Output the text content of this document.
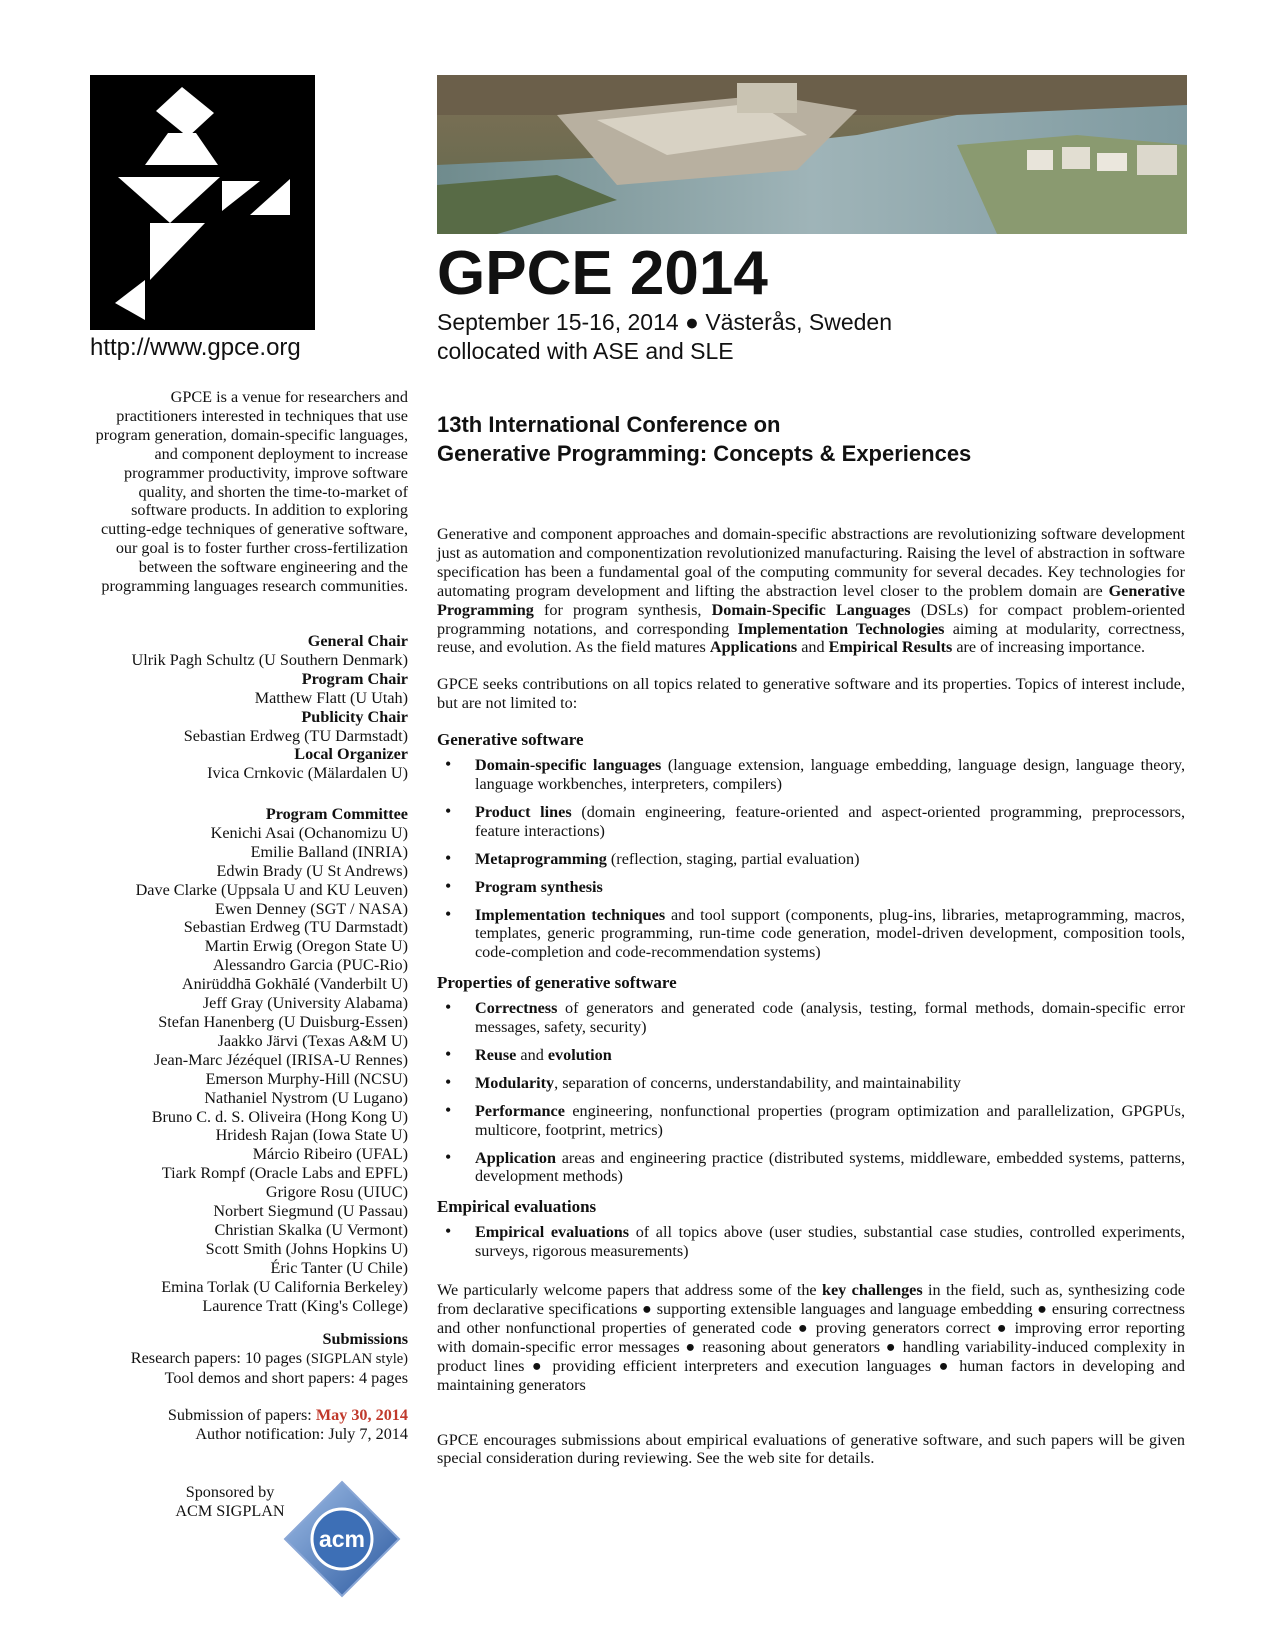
http://www.gpce.org
GPCE is a venue for researchers and practitioners interested in techniques that use program generation, domain-specific languages, and component deployment to increase programmer productivity, improve software quality, and shorten the time-to-market of software products. In addition to exploring cutting-edge techniques of generative software, our goal is to foster further cross-fertilization between the software engineering and the programming languages research communities.
General Chair
Ulrik Pagh Schultz (U Southern Denmark)
Program Chair
Matthew Flatt (U Utah)
Publicity Chair
Sebastian Erdweg (TU Darmstadt)
Local Organizer
Ivica Crnkovic (Mälardalen U)
Program Committee
Kenichi Asai (Ochanomizu U)
Emilie Balland (INRIA)
Edwin Brady (U St Andrews)
Dave Clarke (Uppsala U and KU Leuven)
Ewen Denney (SGT / NASA)
Sebastian Erdweg (TU Darmstadt)
Martin Erwig (Oregon State U)
Alessandro Garcia (PUC-Rio)
Anirüddhā Gokhālé (Vanderbilt U)
Jeff Gray (University Alabama)
Stefan Hanenberg (U Duisburg-Essen)
Jaakko Järvi (Texas A&M U)
Jean-Marc Jézéquel (IRISA-U Rennes)
Emerson Murphy-Hill (NCSU)
Nathaniel Nystrom (U Lugano)
Bruno C. d. S. Oliveira (Hong Kong U)
Hridesh Rajan (Iowa State U)
Márcio Ribeiro (UFAL)
Tiark Rompf (Oracle Labs and EPFL)
Grigore Rosu (UIUC)
Norbert Siegmund (U Passau)
Christian Skalka (U Vermont)
Scott Smith (Johns Hopkins U)
Éric Tanter (U Chile)
Emina Torlak (U California Berkeley)
Laurence Tratt (King's College)
Submissions
Research papers: 10 pages (SIGPLAN style)
Tool demos and short papers: 4 pages
Submission of papers: May 30, 2014
Author notification: July 7, 2014
Sponsored by
ACM SIGPLAN
acm
GPCE 2014
September 15-16, 2014 ● Västerås, Sweden
collocated with ASE and SLE
13th International Conference on
Generative Programming: Concepts & Experiences

Generative and component approaches and domain-specific abstractions are revolutionizing software development just as automation and componentization revolutionized manufacturing. Raising the level of abstraction in software specification has been a fundamental goal of the computing community for several decades. Key technologies for automating program development and lifting the abstraction level closer to the problem domain are Generative Programming for program synthesis, Domain-Specific Languages (DSLs) for compact problem-oriented programming notations, and corresponding Implementation Technologies aiming at modularity, correctness, reuse, and evolution. As the field matures Applications and Empirical Results are of increasing importance.

GPCE seeks contributions on all topics related to generative software and its properties. Topics of interest include, but are not limited to:

Generative software
• Domain-specific languages (language extension, language embedding, language design, language theory, language workbenches, interpreters, compilers)
• Product lines (domain engineering, feature-oriented and aspect-oriented programming, preprocessors, feature interactions)
• Metaprogramming (reflection, staging, partial evaluation)
• Program synthesis
• Implementation techniques and tool support (components, plug-ins, libraries, metaprogramming, macros, templates, generic programming, run-time code generation, model-driven development, composition tools, code-completion and code-recommendation systems)
Properties of generative software
• Correctness of generators and generated code (analysis, testing, formal methods, domain-specific error messages, safety, security)
• Reuse and evolution
• Modularity, separation of concerns, understandability, and maintainability
• Performance engineering, nonfunctional properties (program optimization and parallelization, GPGPUs, multicore, footprint, metrics)
• Application areas and engineering practice (distributed systems, middleware, embedded systems, patterns, development methods)
Empirical evaluations
• Empirical evaluations of all topics above (user studies, substantial case studies, controlled experiments, surveys, rigorous measurements)

We particularly welcome papers that address some of the key challenges in the field, such as, synthesizing code from declarative specifications ● supporting extensible languages and language embedding ● ensuring correctness and other nonfunctional properties of generated code ● proving generators correct ● improving error reporting with domain-specific error messages ● reasoning about generators ● handling variability-induced complexity in product lines ● providing efficient interpreters and execution languages ● human factors in developing and maintaining generators

GPCE encourages submissions about empirical evaluations of generative software, and such papers will be given special consideration during reviewing. See the web site for details.
